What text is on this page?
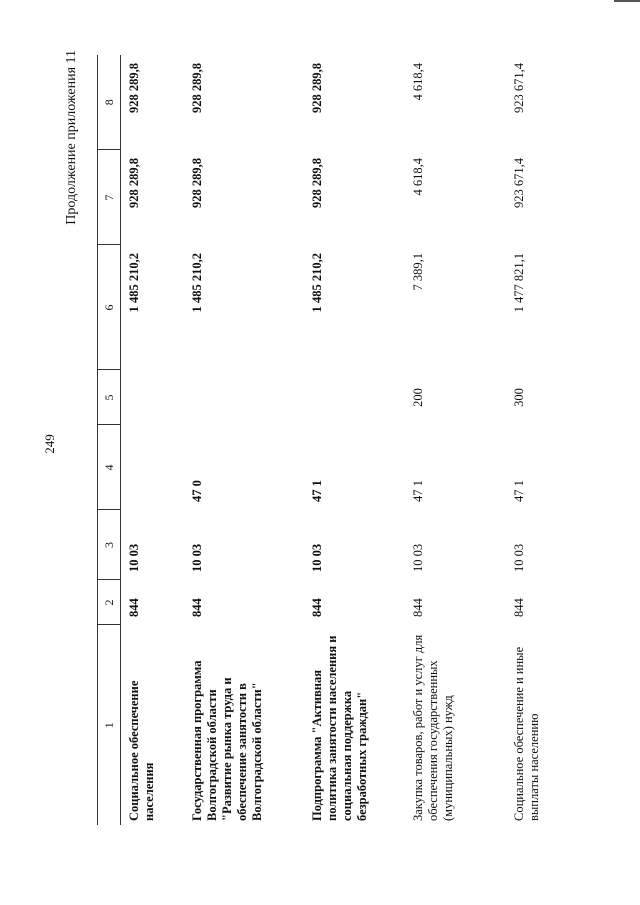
249
Продолжение приложения 11
1	2	3	4	5	6	7	8
Социальное обеспечение населения	844	10 03			1 485 210,2	928 289,8	928 289,8
Государственная программа Волгоградской области "Развитие рынка труда и обеспечение занятости в Волгоградской области"	844	10 03	47 0		1 485 210,2	928 289,8	928 289,8
Подпрограмма "Активная политика занятости населения и социальная поддержка безработных граждан"	844	10 03	47 1		1 485 210,2	928 289,8	928 289,8
Закупка товаров, работ и услуг для обеспечения государственных (муниципальных) нужд	844	10 03	47 1	200	7 389,1	4 618,4	4 618,4
Социальное обеспечение и иные выплаты населению	844	10 03	47 1	300	1 477 821,1	923 671,4	923 671,4
